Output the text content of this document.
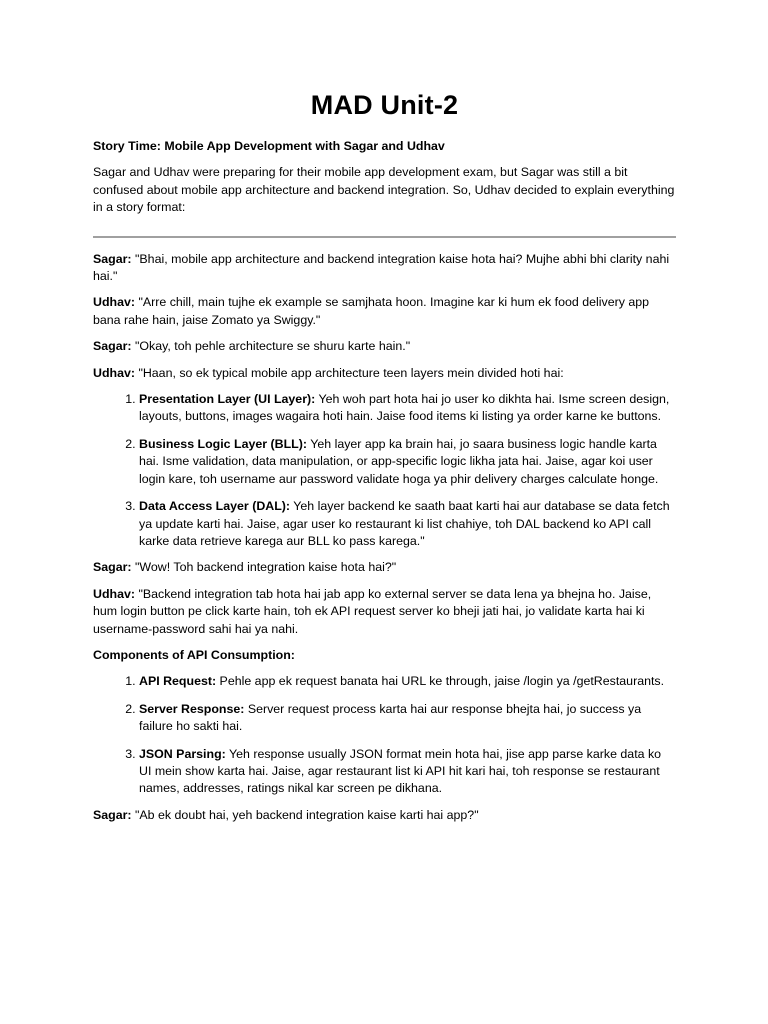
MAD Unit-2

Story Time: Mobile App Development with Sagar and Udhav

Sagar and Udhav were preparing for their mobile app development exam, but Sagar was still a bit confused about mobile app architecture and backend integration. So, Udhav decided to explain everything in a story format:

Sagar: "Bhai, mobile app architecture and backend integration kaise hota hai? Mujhe abhi bhi clarity nahi hai."

Udhav: "Arre chill, main tujhe ek example se samjhata hoon. Imagine kar ki hum ek food delivery app bana rahe hain, jaise Zomato ya Swiggy."

Sagar: "Okay, toh pehle architecture se shuru karte hain."

Udhav: "Haan, so ek typical mobile app architecture teen layers mein divided hoti hai:

1. Presentation Layer (UI Layer): Yeh woh part hota hai jo user ko dikhta hai. Isme screen design, layouts, buttons, images wagaira hoti hain. Jaise food items ki listing ya order karne ke buttons.
2. Business Logic Layer (BLL): Yeh layer app ka brain hai, jo saara business logic handle karta hai. Isme validation, data manipulation, or app-specific logic likha jata hai. Jaise, agar koi user login kare, toh username aur password validate hoga ya phir delivery charges calculate honge.
3. Data Access Layer (DAL): Yeh layer backend ke saath baat karti hai aur database se data fetch ya update karti hai. Jaise, agar user ko restaurant ki list chahiye, toh DAL backend ko API call karke data retrieve karega aur BLL ko pass karega."

Sagar: "Wow! Toh backend integration kaise hota hai?"

Udhav: "Backend integration tab hota hai jab app ko external server se data lena ya bhejna ho. Jaise, hum login button pe click karte hain, toh ek API request server ko bheji jati hai, jo validate karta hai ki username-password sahi hai ya nahi.

Components of API Consumption:

1. API Request: Pehle app ek request banata hai URL ke through, jaise /login ya /getRestaurants.
2. Server Response: Server request process karta hai aur response bhejta hai, jo success ya failure ho sakti hai.
3. JSON Parsing: Yeh response usually JSON format mein hota hai, jise app parse karke data ko UI mein show karta hai. Jaise, agar restaurant list ki API hit kari hai, toh response se restaurant names, addresses, ratings nikal kar screen pe dikhana.

Sagar: "Ab ek doubt hai, yeh backend integration kaise karti hai app?"
